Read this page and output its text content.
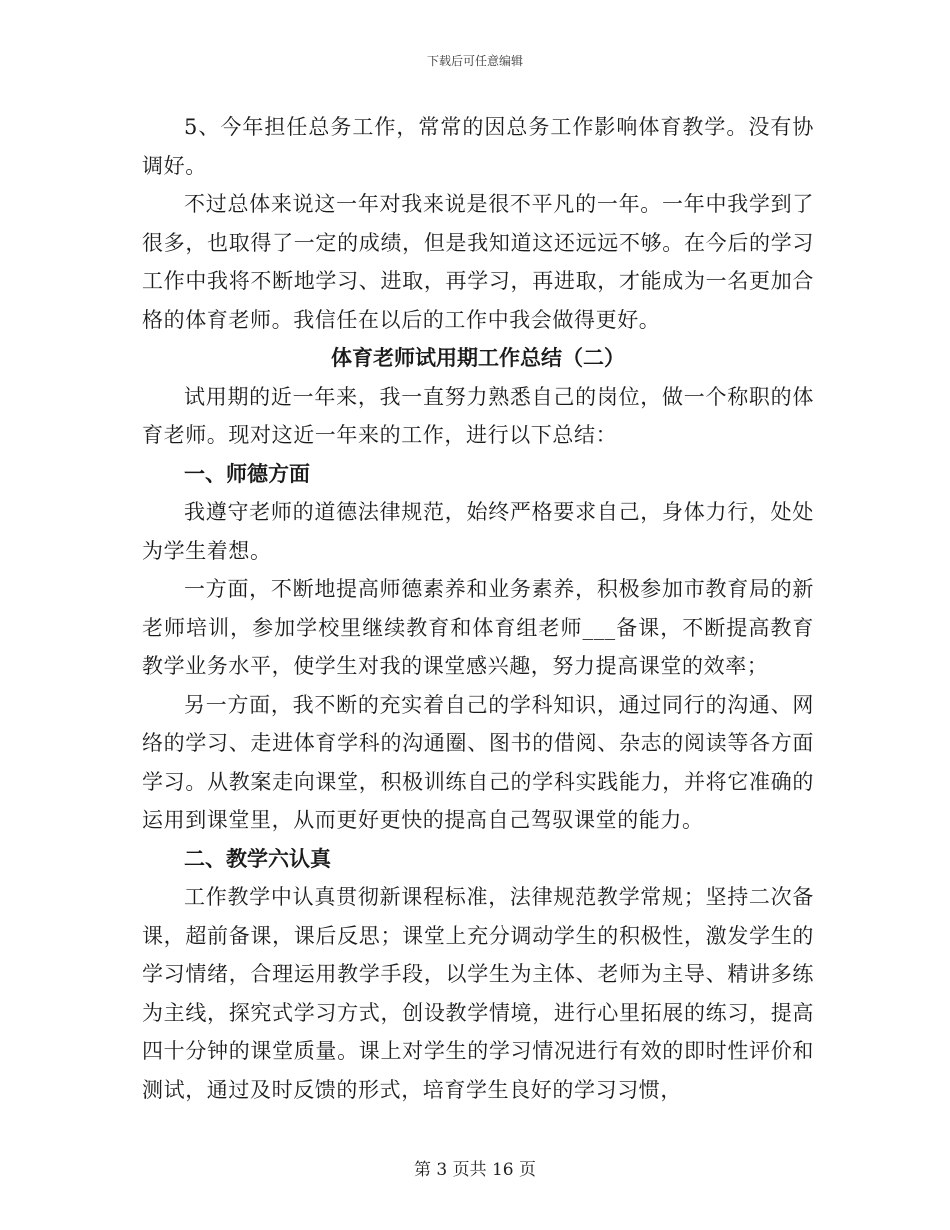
下载后可任意编辑

5、今年担任总务工作，常常的因总务工作影响体育教学。没有协调好。

不过总体来说这一年对我来说是很不平凡的一年。一年中我学到了很多，也取得了一定的成绩，但是我知道这还远远不够。在今后的学习工作中我将不断地学习、进取，再学习，再进取，才能成为一名更加合格的体育老师。我信任在以后的工作中我会做得更好。

体育老师试用期工作总结（二）

试用期的近一年来，我一直努力熟悉自己的岗位，做一个称职的体育老师。现对这近一年来的工作，进行以下总结：

一、师德方面

我遵守老师的道德法律规范，始终严格要求自己，身体力行，处处为学生着想。

一方面，不断地提高师德素养和业务素养，积极参加市教育局的新老师培训，参加学校里继续教育和体育组老师___备课，不断提高教育教学业务水平，使学生对我的课堂感兴趣，努力提高课堂的效率；

另一方面，我不断的充实着自己的学科知识，通过同行的沟通、网络的学习、走进体育学科的沟通圈、图书的借阅、杂志的阅读等各方面学习。从教案走向课堂，积极训练自己的学科实践能力，并将它准确的运用到课堂里，从而更好更快的提高自己驾驭课堂的能力。

二、教学六认真

工作教学中认真贯彻新课程标准，法律规范教学常规；坚持二次备课，超前备课，课后反思；课堂上充分调动学生的积极性，激发学生的学习情绪，合理运用教学手段，以学生为主体、老师为主导、精讲多练为主线，探究式学习方式，创设教学情境，进行心里拓展的练习，提高四十分钟的课堂质量。课上对学生的学习情况进行有效的即时性评价和测试，通过及时反馈的形式，培育学生良好的学习习惯，

第 3 页共 16 页
